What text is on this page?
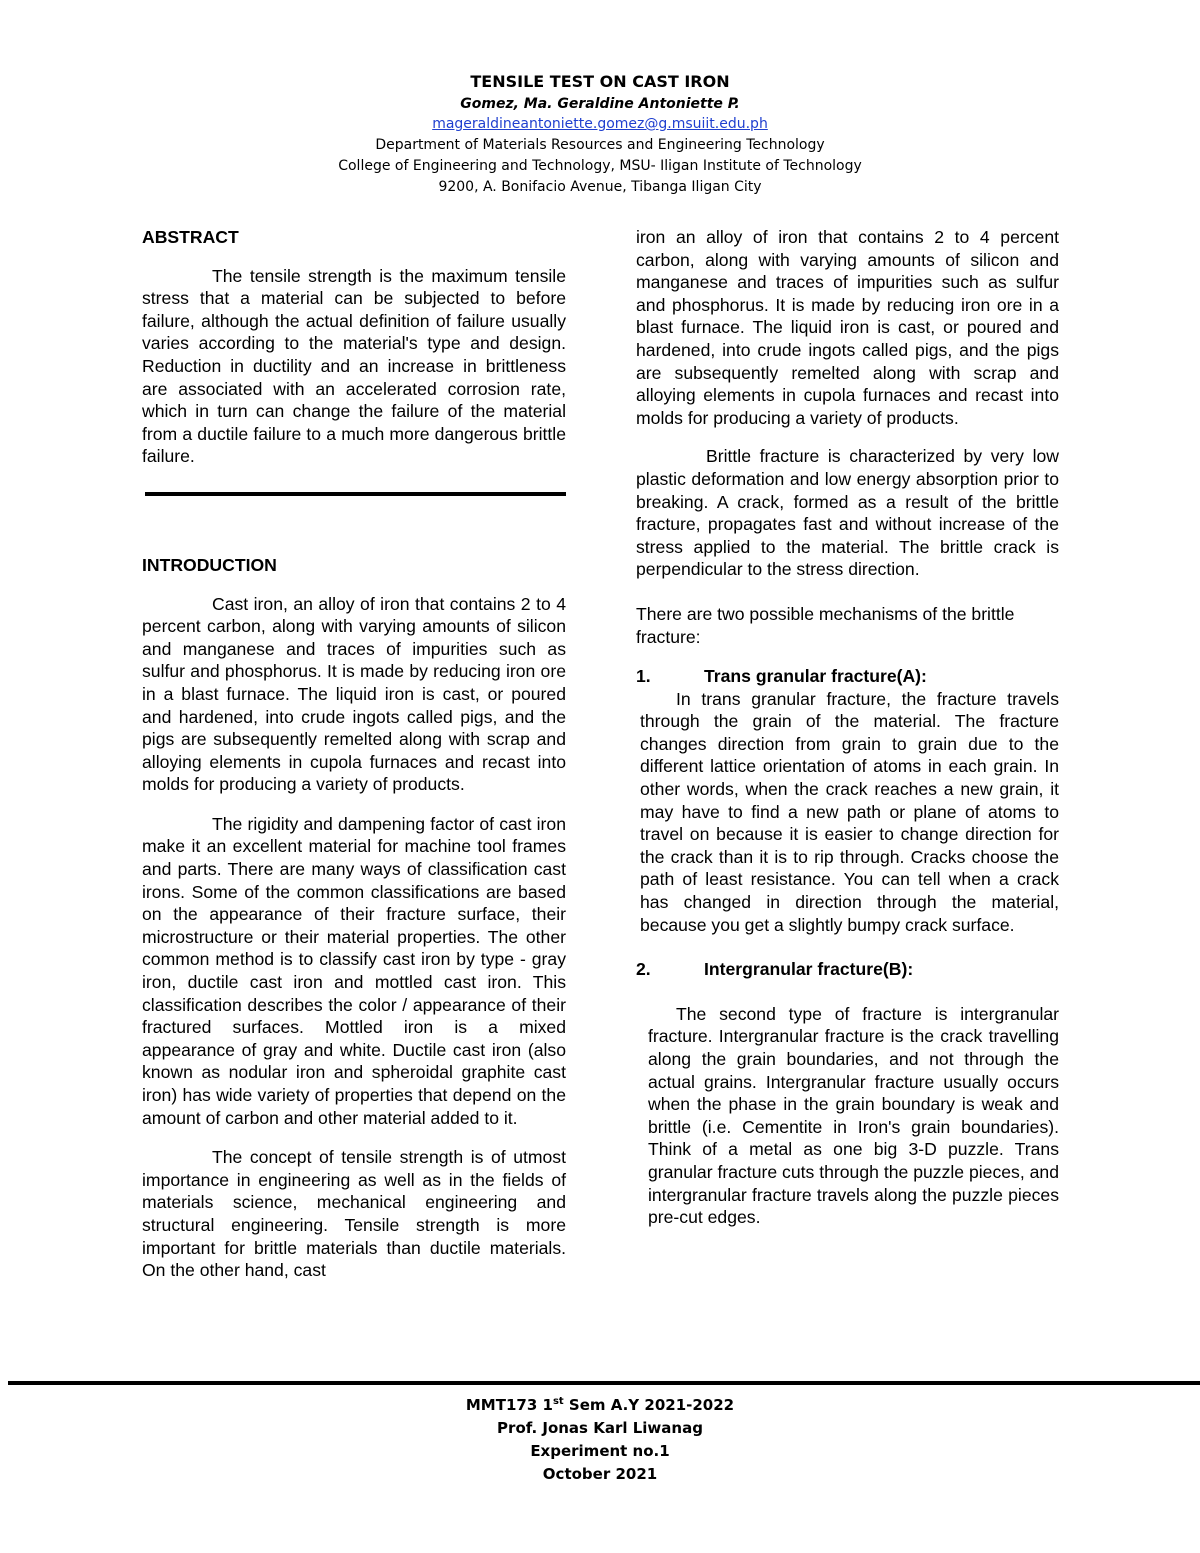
TENSILE TEST ON CAST IRON
Gomez, Ma. Geraldine Antoniette P.
mageraldineantoniette.gomez@g.msuiit.edu.ph
Department of Materials Resources and Engineering Technology
College of Engineering and Technology, MSU- Iligan Institute of Technology
9200, A. Bonifacio Avenue, Tibanga Iligan City

ABSTRACT

The tensile strength is the maximum tensile stress that a material can be subjected to before failure, although the actual definition of failure usually varies according to the material's type and design. Reduction in ductility and an increase in brittleness are associated with an accelerated corrosion rate, which in turn can change the failure of the material from a ductile failure to a much more dangerous brittle failure.

INTRODUCTION

Cast iron, an alloy of iron that contains 2 to 4 percent carbon, along with varying amounts of silicon and manganese and traces of impurities such as sulfur and phosphorus. It is made by reducing iron ore in a blast furnace. The liquid iron is cast, or poured and hardened, into crude ingots called pigs, and the pigs are subsequently remelted along with scrap and alloying elements in cupola furnaces and recast into molds for producing a variety of products.

The rigidity and dampening factor of cast iron make it an excellent material for machine tool frames and parts. There are many ways of classification cast irons. Some of the common classifications are based on the appearance of their fracture surface, their microstructure or their material properties. The other common method is to classify cast iron by type - gray iron, ductile cast iron and mottled cast iron. This classification describes the color / appearance of their fractured surfaces. Mottled iron is a mixed appearance of gray and white. Ductile cast iron (also known as nodular iron and spheroidal graphite cast iron) has wide variety of properties that depend on the amount of carbon and other material added to it.

The concept of tensile strength is of utmost importance in engineering as well as in the fields of materials science, mechanical engineering and structural engineering. Tensile strength is more important for brittle materials than ductile materials. On the other hand, cast

iron an alloy of iron that contains 2 to 4 percent carbon, along with varying amounts of silicon and manganese and traces of impurities such as sulfur and phosphorus. It is made by reducing iron ore in a blast furnace. The liquid iron is cast, or poured and hardened, into crude ingots called pigs, and the pigs are subsequently remelted along with scrap and alloying elements in cupola furnaces and recast into molds for producing a variety of products.

Brittle fracture is characterized by very low plastic deformation and low energy absorption prior to breaking. A crack, formed as a result of the brittle fracture, propagates fast and without increase of the stress applied to the material. The brittle crack is perpendicular to the stress direction.

There are two possible mechanisms of the brittle fracture:

1.	Trans granular fracture(A):

In trans granular fracture, the fracture travels through the grain of the material. The fracture changes direction from grain to grain due to the different lattice orientation of atoms in each grain. In other words, when the crack reaches a new grain, it may have to find a new path or plane of atoms to travel on because it is easier to change direction for the crack than it is to rip through. Cracks choose the path of least resistance. You can tell when a crack has changed in direction through the material, because you get a slightly bumpy crack surface.

2.	Intergranular fracture(B):

The second type of fracture is intergranular fracture. Intergranular fracture is the crack travelling along the grain boundaries, and not through the actual grains. Intergranular fracture usually occurs when the phase in the grain boundary is weak and brittle (i.e. Cementite in Iron's grain boundaries). Think of a metal as one big 3-D puzzle. Trans granular fracture cuts through the puzzle pieces, and intergranular fracture travels along the puzzle pieces pre-cut edges.

MMT173 1st Sem A.Y 2021-2022
Prof. Jonas Karl Liwanag
Experiment no.1
October 2021
